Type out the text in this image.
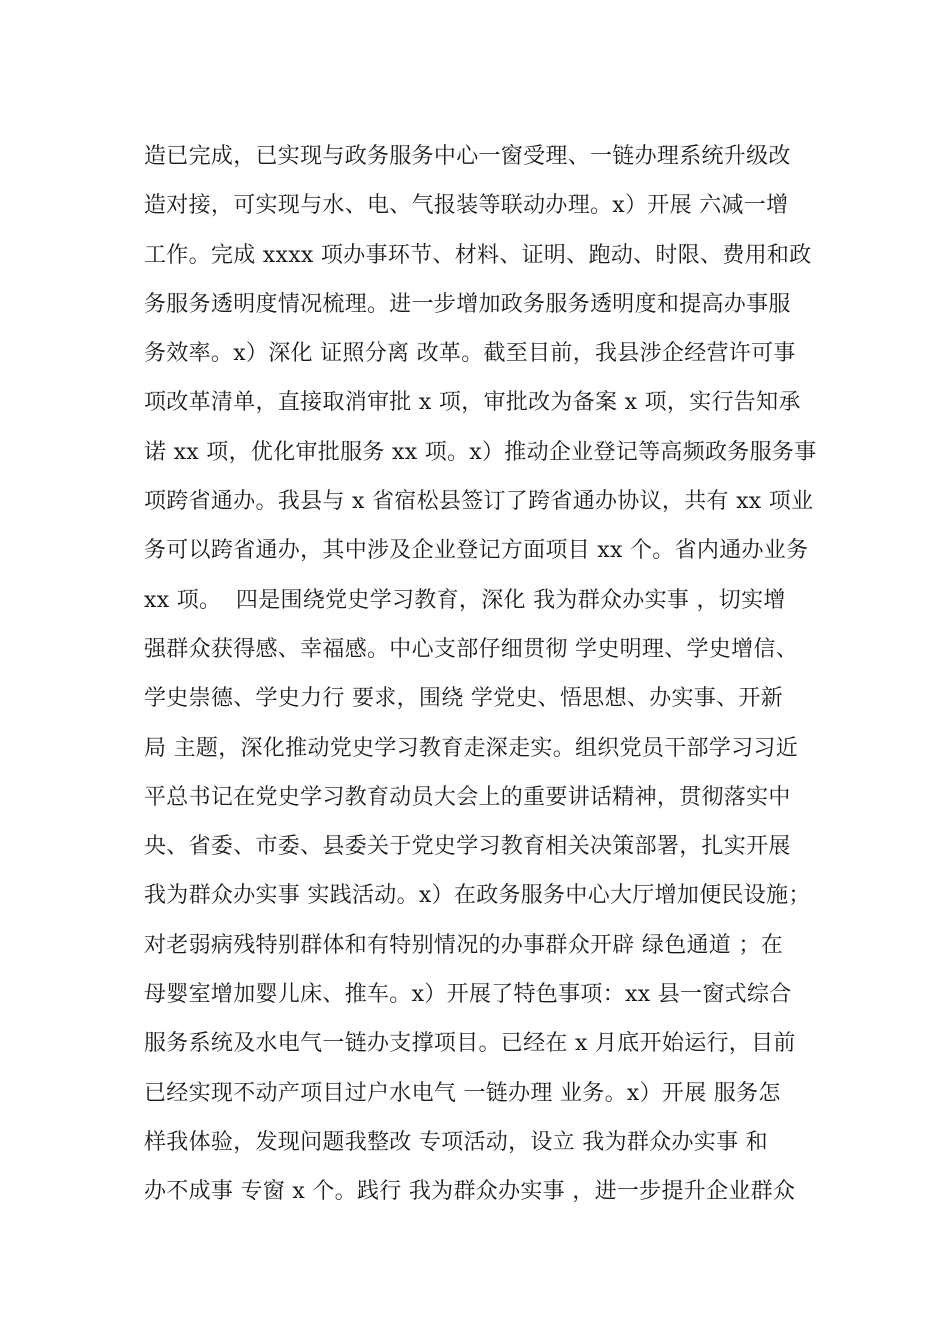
造已完成，已实现与政务服务中心一窗受理、一链办理系统升级改
造对接，可实现与水、电、气报装等联动办理。x）开展 六减一增
工作。完成 xxxx 项办事环节、材料、证明、跑动、时限、费用和政
务服务透明度情况梳理。进一步增加政务服务透明度和提高办事服
务效率。x）深化 证照分离 改革。截至目前，我县涉企经营许可事
项改革清单，直接取消审批 x 项，审批改为备案 x 项，实行告知承
诺 xx 项，优化审批服务 xx 项。x）推动企业登记等高频政务服务事
项跨省通办。我县与 x 省宿松县签订了跨省通办协议，共有 xx 项业
务可以跨省通办，其中涉及企业登记方面项目 xx 个。省内通办业务
xx 项。  四是围绕党史学习教育，深化 我为群众办实事 ，切实增
强群众获得感、幸福感。中心支部仔细贯彻 学史明理、学史增信、
学史崇德、学史力行 要求，围绕 学党史、悟思想、办实事、开新
局 主题，深化推动党史学习教育走深走实。组织党员干部学习习近
平总书记在党史学习教育动员大会上的重要讲话精神，贯彻落实中
央、省委、市委、县委关于党史学习教育相关决策部署，扎实开展
我为群众办实事 实践活动。x）在政务服务中心大厅增加便民设施；
对老弱病残特别群体和有特别情况的办事群众开辟 绿色通道 ；在
母婴室增加婴儿床、推车。x）开展了特色事项：xx 县一窗式综合
服务系统及水电气一链办支撑项目。已经在 x 月底开始运行，目前
已经实现不动产项目过户水电气 一链办理 业务。x）开展 服务怎
样我体验，发现问题我整改 专项活动，设立 我为群众办实事 和
办不成事 专窗 x 个。践行 我为群众办实事 ，进一步提升企业群众
